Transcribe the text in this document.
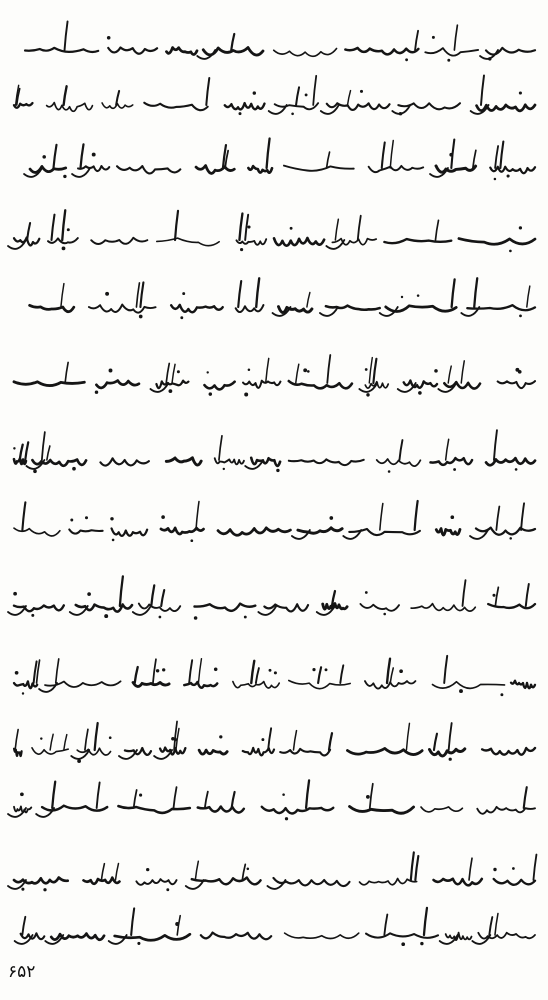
۶۵۲
